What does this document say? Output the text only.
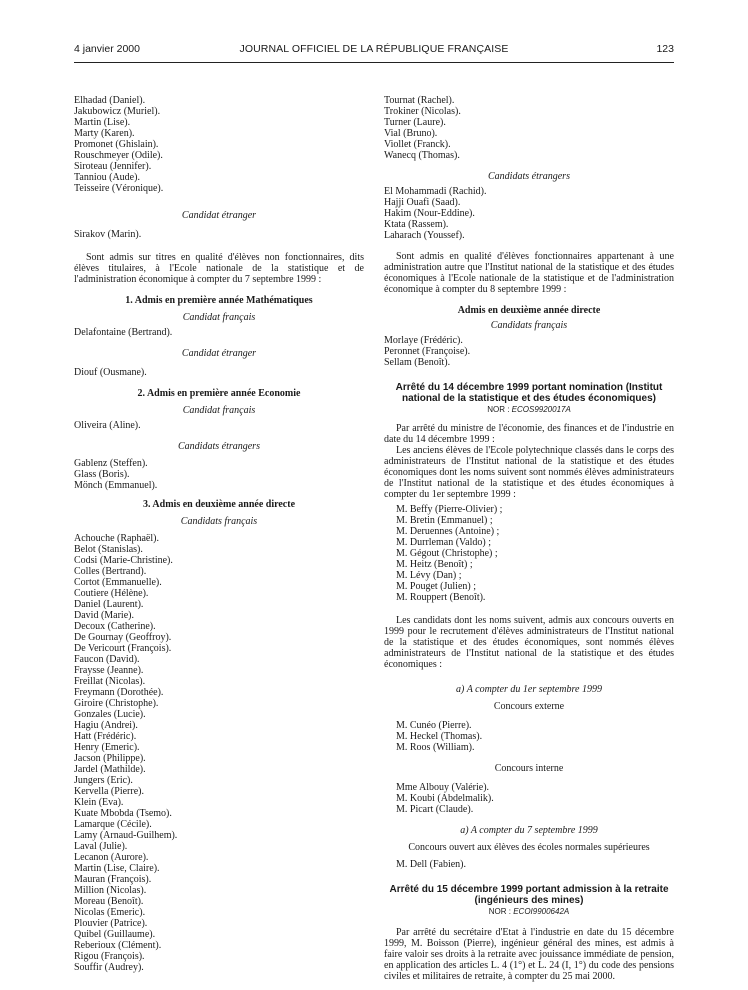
4 janvier 2000	JOURNAL OFFICIEL DE LA RÉPUBLIQUE FRANÇAISE	123

Elhadad (Daniel).

Jakubowicz (Muriel).

Martin (Lise).

Marty (Karen).

Promonet (Ghislain).

Rouschmeyer (Odile).

Siroteau (Jennifer).

Tanniou (Aude).

Teisseire (Véronique).

Candidat étranger

Sirakov (Marin).

Sont admis sur titres en qualité d'élèves non fonctionnaires, dits élèves titulaires, à l'Ecole nationale de la statistique et de l'administration économique à compter du 7 septembre 1999 :

1. Admis en première année Mathématiques

Candidat français

Delafontaine (Bertrand).

Candidat étranger

Diouf (Ousmane).

2. Admis en première année Economie

Candidat français

Oliveira (Aline).

Candidats étrangers

Gablenz (Steffen).

Glass (Boris).

Mönch (Emmanuel).

3. Admis en deuxième année directe

Candidats français

Achouche (Raphaël).

Belot (Stanislas).

Codsi (Marie-Christine).

Colles (Bertrand).

Cortot (Emmanuelle).

Coutiere (Hélène).

Daniel (Laurent).

David (Marie).

Decoux (Catherine).

De Gournay (Geoffroy).

De Vericourt (François).

Faucon (David).

Fraysse (Jeanne).

Freillat (Nicolas).

Freymann (Dorothée).

Giroire (Christophe).

Gonzales (Lucie).

Hagiu (Andrei).

Hatt (Frédéric).

Henry (Emeric).

Jacson (Philippe).

Jardel (Mathilde).

Jungers (Eric).

Kervella (Pierre).

Klein (Eva).

Kuate Mbobda (Tsemo).

Lamarque (Cécile).

Lamy (Arnaud-Guilhem).

Laval (Julie).

Lecanon (Aurore).

Martin (Lise, Claire).

Mauran (François).

Million (Nicolas).

Moreau (Benoît).

Nicolas (Emeric).

Plouvier (Patrice).

Quibel (Guillaume).

Reberioux (Clément).

Rigou (François).

Souffir (Audrey).

Tournat (Rachel).

Trokiner (Nicolas).

Turner (Laure).

Vial (Bruno).

Viollet (Franck).

Wanecq (Thomas).

Candidats étrangers

El Mohammadi (Rachid).

Hajji Ouafi (Saad).

Hakim (Nour-Eddine).

Ktata (Rassem).

Laharach (Youssef).

Sont admis en qualité d'élèves fonctionnaires appartenant à une administration autre que l'Institut national de la statistique et des études économiques à l'Ecole nationale de la statistique et de l'administration économique à compter du 8 septembre 1999 :

Admis en deuxième année directe

Candidats français

Morlaye (Frédéric).

Peronnet (Françoise).

Sellam (Benoît).

Arrêté du 14 décembre 1999 portant nomination (Institut national de la statistique et des études économiques)

NOR : ECOS9920017A

Par arrêté du ministre de l'économie, des finances et de l'industrie en date du 14 décembre 1999 :

Les anciens élèves de l'Ecole polytechnique classés dans le corps des administrateurs de l'Institut national de la statistique et des études économiques dont les noms suivent sont nommés élèves administrateurs de l'Institut national de la statistique et des études économiques à compter du 1er septembre 1999 :

M. Beffy (Pierre-Olivier) ;

M. Bretin (Emmanuel) ;

M. Deruennes (Antoine) ;

M. Durrleman (Valdo) ;

M. Gégout (Christophe) ;

M. Heitz (Benoît) ;

M. Lévy (Dan) ;

M. Pouget (Julien) ;

M. Rouppert (Benoît).

Les candidats dont les noms suivent, admis aux concours ouverts en 1999 pour le recrutement d'élèves administrateurs de l'Institut national de la statistique et des études économiques, sont nommés élèves administrateurs de l'Institut national de la statistique et des études économiques :

a) A compter du 1er septembre 1999

Concours externe

M. Cunéo (Pierre).

M. Heckel (Thomas).

M. Roos (William).

Concours interne

Mme Albouy (Valérie).

M. Koubi (Abdelmalik).

M. Picart (Claude).

a) A compter du 7 septembre 1999

Concours ouvert aux élèves des écoles normales supérieures

M. Dell (Fabien).

Arrêté du 15 décembre 1999 portant admission à la retraite (ingénieurs des mines)

NOR : ECOI9900642A

Par arrêté du secrétaire d'Etat à l'industrie en date du 15 décembre 1999, M. Boisson (Pierre), ingénieur général des mines, est admis à faire valoir ses droits à la retraite avec jouissance immédiate de pension, en application des articles L. 4 (1°) et L. 24 (I, 1°) du code des pensions civiles et militaires de retraite, à compter du 25 mai 2000.
